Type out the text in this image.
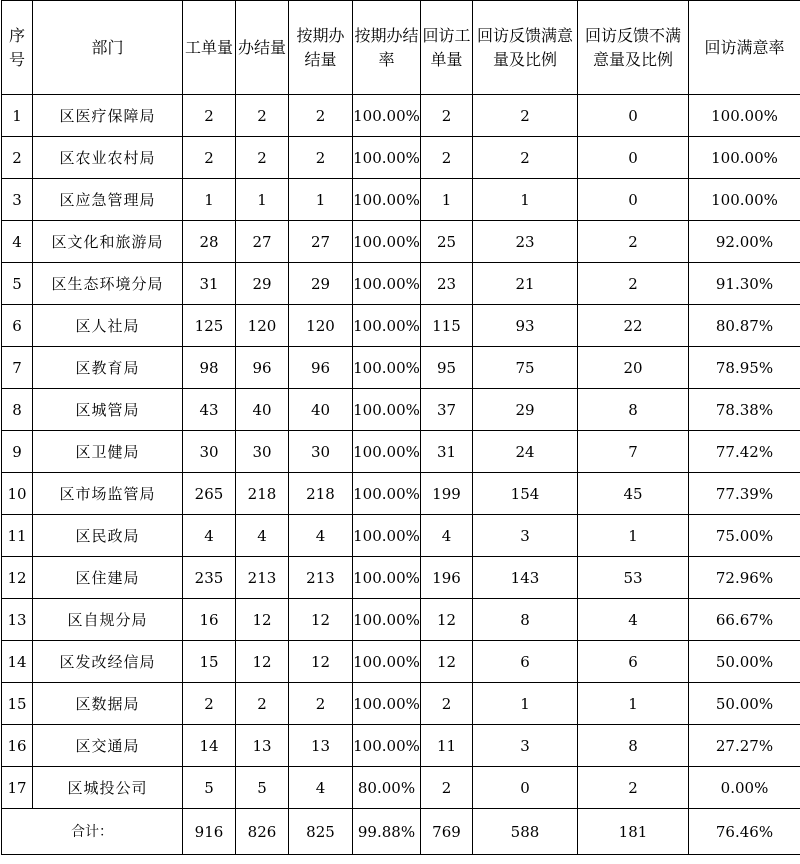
序号	部门	工单量	办结量	按期办结量	按期办结率	回访工单量	回访反馈满意量及比例	回访反馈不满意量及比例	回访满意率
1	区医疗保障局	2	2	2	100.00%	2	2	0	100.00%
2	区农业农村局	2	2	2	100.00%	2	2	0	100.00%
3	区应急管理局	1	1	1	100.00%	1	1	0	100.00%
4	区文化和旅游局	28	27	27	100.00%	25	23	2	92.00%
5	区生态环境分局	31	29	29	100.00%	23	21	2	91.30%
6	区人社局	125	120	120	100.00%	115	93	22	80.87%
7	区教育局	98	96	96	100.00%	95	75	20	78.95%
8	区城管局	43	40	40	100.00%	37	29	8	78.38%
9	区卫健局	30	30	30	100.00%	31	24	7	77.42%
10	区市场监管局	265	218	218	100.00%	199	154	45	77.39%
11	区民政局	4	4	4	100.00%	4	3	1	75.00%
12	区住建局	235	213	213	100.00%	196	143	53	72.96%
13	区自规分局	16	12	12	100.00%	12	8	4	66.67%
14	区发改经信局	15	12	12	100.00%	12	6	6	50.00%
15	区数据局	2	2	2	100.00%	2	1	1	50.00%
16	区交通局	14	13	13	100.00%	11	3	8	27.27%
17	区城投公司	5	5	4	80.00%	2	0	2	0.00%
合计：		916	826	825	99.88%	769	588	181	76.46%
